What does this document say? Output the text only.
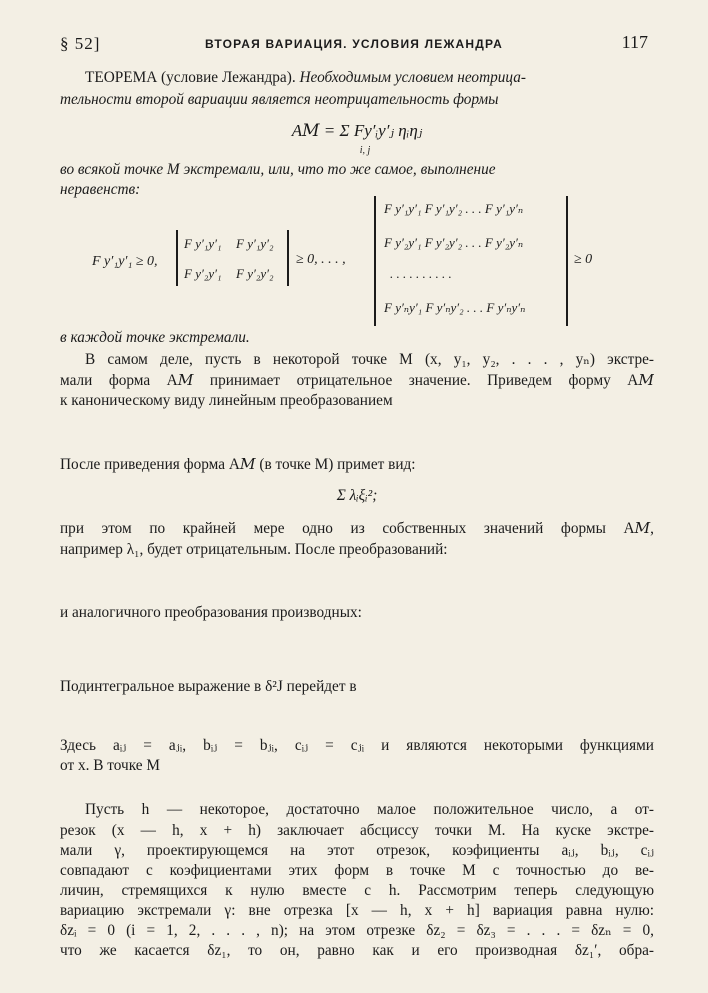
§ 52]	ВТОРАЯ ВАРИАЦИЯ. УСЛОВИЯ ЛЕЖАНДРА	117
ТЕОРЕМА (условие Лежандра). Необходимым условием неотрица-
тельности второй вариации является неотрицательность формы
A𝑀 = Σ Fy′ᵢy′ⱼ ηᵢηⱼ
i, j
во всякой точке M экстремали, или, что то же самое, выполнение
неравенств:
F y′₁y′₁ ≥ 0,
F y′₁y′₁ F y′₁y′₂
F y′₂y′₁ F y′₂y′₂
≥ 0, . . . ,
F y′₁y′₁ F y′₁y′₂ . . . F y′₁y′ₙ
F y′₂y′₁ F y′₂y′₂ . . . F y′₂y′ₙ
. . . . . . . . . .
F y′ₙy′₁ F y′ₙy′₂ . . . F y′ₙy′ₙ
≥ 0
в каждой точке экстремали.
В самом деле, пусть в некоторой точке M (x, y₁, y₂, . . . , yₙ) экстре-
мали форма A𝑀 принимает отрицательное значение. Приведем форму A𝑀
к каноническому виду линейным преобразованием
После приведения форма A𝑀 (в точке M) примет вид:
Σ λᵢξᵢ²;
при этом по крайней мере одно из собственных значений формы A𝑀,
например λ₁, будет отрицательным. После преобразований:
и аналогичного преобразования производных:
Подинтегральное выражение в δ²J перейдет в
Здесь aᵢⱼ = aⱼᵢ, bᵢⱼ = bⱼᵢ, cᵢⱼ = cⱼᵢ и являются некоторыми функциями
от x. В точке M
Пусть h — некоторое, достаточно малое положительное число, а от-
резок (x — h, x + h) заключает абсциссу точки M. На куске экстре-
мали γ, проектирующемся на этот отрезок, коэфициенты aᵢⱼ, bᵢⱼ, cᵢⱼ
совпадают с коэфициентами этих форм в точке M с точностью до ве-
личин, стремящихся к нулю вместе с h. Рассмотрим теперь следующую
вариацию экстремали γ: вне отрезка [x — h, x + h] вариация равна нулю:
δzᵢ = 0 (i = 1, 2, . . . , n); на этом отрезке δz₂ = δz₃ = . . . = δzₙ = 0,
что же касается δz₁, то он, равно как и его производная δz₁′, обра-
